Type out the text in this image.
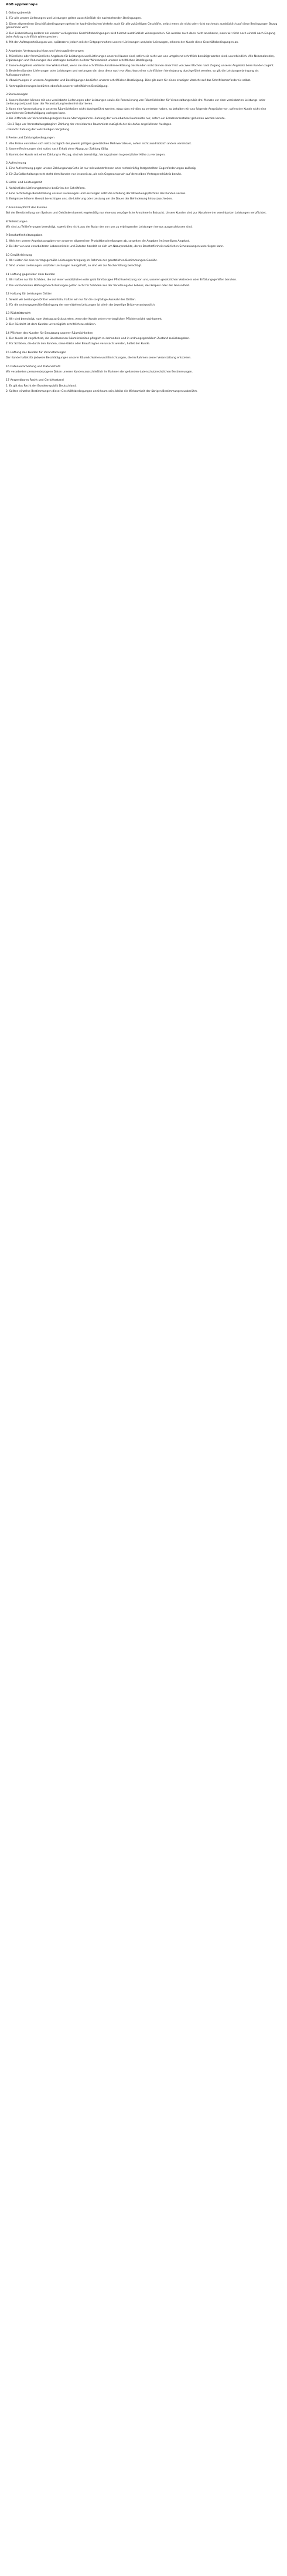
AGB applienhope
1 Geltungsbereich

1. Für alle unsere Lieferungen und Leistungen gelten ausschließlich die nachstehenden Bedingungen.

2. Diese allgemeinen Geschäftsbedingungen gelten im kaufmännischen Verkehr auch für alle zukünftigen Geschäfte, selbst wenn sie nicht oder nicht nochmals ausdrücklich auf diese Bedingungen Bezug genommen wird.

3. Der Einbeziehung anderer als unserer vorliegenden Geschäftsbedingungen wird hiermit ausdrücklich widersprochen. Sie werden auch dann nicht anerkannt, wenn wir nicht noch einmal nach Eingang beim Auftrag schriftlich widersprechen.

4. Mit der Auftragserteilung an uns, spätestens jedoch mit der Entgegennahme unserer Lieferungen und/oder Leistungen, erkennt der Kunde diese Geschäftsbedingungen an.

2 Angebote, Vertragsabschluss und Vertragsänderungen

1. Mündliche oder fernmündliche Angebote für Leistungen und Lieferungen unseres Hauses sind, sofern sie nicht von uns umgehend schriftlich bestätigt worden sind, unverbindlich. Alle Nebenabreden, Ergänzungen und Änderungen des Vertrages bedürfen zu ihrer Wirksamkeit unserer schriftlichen Bestätigung.

2. Unsere Angebote verlieren ihre Wirksamkeit, wenn sie eine schriftliche Annahmeerklärung des Kunden nicht binnen einer Frist von zwei Wochen nach Zugang unseres Angebots beim Kunden zugeht.

3. Bestellen Kunden Lieferungen oder Leistungen und verlangen sie, dass diese noch vor Abschluss einer schriftlichen Vereinbarung durchgeführt werden, so gilt die Leistungserbringung als Auftragsannahme.

4. Abweichungen in unseren Angeboten und Bestätigungen bedürfen unserer schriftlichen Bestätigung. Dies gilt auch für einen etwaigen Verzicht auf das Schriftformerfordernis selbst.

5. Vertragsänderungen bedürfen ebenfalls unserer schriftlichen Bestätigung.

3 Stornierungen

1. Unsere Kunden können mit uns vereinbarte Lieferungen oder Leistungen sowie die Reservierung von Räumlichkeiten für Veranstaltungen bis drei Monate vor dem vereinbarten Leistungs- oder Lieferungszeitpunkt bzw. der Veranstaltung kostenfrei stornieren.

2. Kann eine Veranstaltung in unseren Räumlichkeiten nicht durchgeführt werden, etwa dass wir dies zu vertreten haben, so behalten wir uns folgende Ansprüche vor, sofern der Kunde nicht eine ausreichende Entschuldigung vorlegen kann.

3. Bis 3 Monate vor Veranstaltungsbeginn: keine Stornogebühren. Zahlung der vereinbarten Raummiete nur, sofern ein Ersatzveranstalter gefunden werden konnte.

- Bis 3 Tage vor Veranstaltungsbeginn: Zahlung der vereinbarten Raummiete zuzüglich der bis dahin angefallenen Auslagen.

- Danach: Zahlung der vollständigen Vergütung.

4 Preise und Zahlungsbedingungen

1. Alle Preise verstehen sich netto zuzüglich der jeweils gültigen gesetzlichen Mehrwertsteuer, sofern nicht ausdrücklich anders vereinbart.

2. Unsere Rechnungen sind sofort nach Erhalt ohne Abzug zur Zahlung fällig.

3. Kommt der Kunde mit einer Zahlung in Verzug, sind wir berechtigt, Verzugszinsen in gesetzlicher Höhe zu verlangen.

5 Aufrechnung

1. Eine Aufrechnung gegen unsere Zahlungsansprüche ist nur mit unbestrittenen oder rechtskräftig festgestellten Gegenforderungen zulässig.

2. Ein Zurückbehaltungsrecht steht dem Kunden nur insoweit zu, als sein Gegenanspruch auf demselben Vertragsverhältnis beruht.

6 Liefer- und Leistungszeit

1. Verbindliche Lieferungstermine bedürfen der Schriftform.

2. Eine rechtzeitige Bereitstellung unserer Lieferungen und Leistungen setzt die Erfüllung der Mitwirkungspflichten des Kunden voraus.

3. Ereignisse höherer Gewalt berechtigen uns, die Lieferung oder Leistung um die Dauer der Behinderung hinauszuschieben.

7 Annahmepflicht des Kunden

Bei der Bereitstellung von Speisen und Getränken kommt regelmäßig nur eine uns verzögerliche Annahme in Betracht. Unsere Kunden sind zur Abnahme der vereinbarten Leistungen verpflichtet.

8 Teilleistungen

Wir sind zu Teillieferungen berechtigt, soweit dies nicht aus der Natur der von uns zu erbringenden Leistungen heraus ausgeschlossen sind.

9 Beschaffenheitsangaben

1. Weichen unsere Angebotsangaben von unseren allgemeinen Produktbeschreibungen ab, so gelten die Angaben im jeweiligen Angebot.

2. Bei der von uns verarbeiteten Lebensmitteln und Zutaten handelt es sich um Naturprodukte, deren Beschaffenheit natürlichen Schwankungen unterliegen kann.

10 Gewährleistung

1. Wir leisten für eine vertragsgemäße Leistungserbringung im Rahmen der gesetzlichen Bestimmungen Gewähr.

2. Sind unsere Lieferungen und/oder Leistungen mangelhaft, so sind wir zur Nacherfüllung berechtigt.

11 Haftung gegenüber dem Kunden

1. Wir haften nur für Schäden, die auf einer vorsätzlichen oder grob fahrlässigen Pflichtverletzung von uns, unseren gesetzlichen Vertretern oder Erfüllungsgehilfen beruhen.

2. Die vorstehenden Haftungsbeschränkungen gelten nicht für Schäden aus der Verletzung des Lebens, des Körpers oder der Gesundheit.

12 Haftung für Leistungen Dritter

1. Soweit wir Leistungen Dritter vermitteln, haften wir nur für die sorgfältige Auswahl des Dritten.

2. Für die ordnungsgemäße Erbringung der vermittelten Leistungen ist allein der jeweilige Dritte verantwortlich.

13 Rücktrittsrecht

1. Wir sind berechtigt, vom Vertrag zurückzutreten, wenn der Kunde seinen vertraglichen Pflichten nicht nachkommt.

2. Der Rücktritt ist dem Kunden unverzüglich schriftlich zu erklären.

14 Pflichten des Kunden für Benutzung unserer Räumlichkeiten

1. Der Kunde ist verpflichtet, die überlassenen Räumlichkeiten pfleglich zu behandeln und in ordnungsgemäßem Zustand zurückzugeben.

2. Für Schäden, die durch den Kunden, seine Gäste oder Beauftragten verursacht werden, haftet der Kunde.

15 Haftung des Kunden für Veranstaltungen

Der Kunde haftet für jedwede Beschädigungen unserer Räumlichkeiten und Einrichtungen, die im Rahmen seiner Veranstaltung entstehen.

16 Datenverarbeitung und Datenschutz

Wir verarbeiten personenbezogene Daten unserer Kunden ausschließlich im Rahmen der geltenden datenschutzrechtlichen Bestimmungen.

17 Anwendbares Recht und Gerichtsstand

1. Es gilt das Recht der Bundesrepublik Deutschland.

2. Sollten einzelne Bestimmungen dieser Geschäftsbedingungen unwirksam sein, bleibt die Wirksamkeit der übrigen Bestimmungen unberührt.
